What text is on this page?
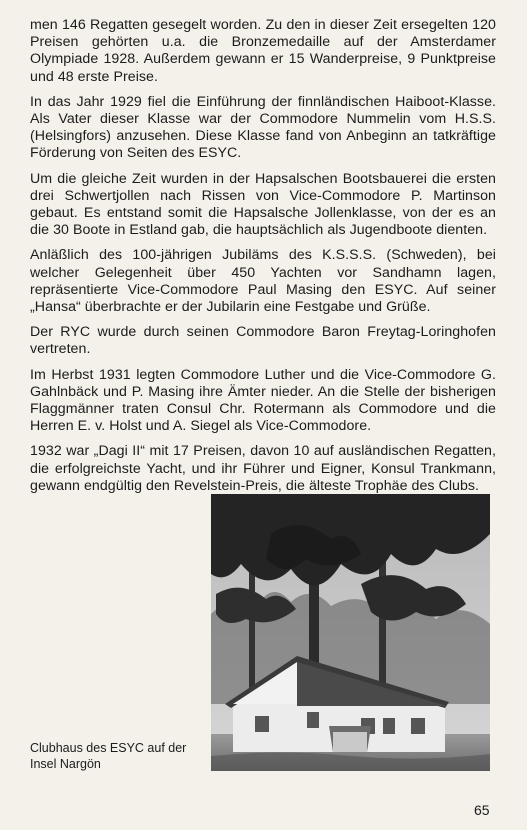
men 146 Regatten gesegelt worden. Zu den in dieser Zeit ersegelten 120 Preisen gehörten u.a. die Bronzemedaille auf der Amsterdamer Olympiade 1928. Außerdem gewann er 15 Wanderpreise, 9 Punktpreise und 48 erste Preise.

In das Jahr 1929 fiel die Einführung der finnländischen Haiboot-Klasse. Als Vater dieser Klasse war der Commodore Nummelin vom H.S.S. (Helsingfors) anzusehen. Diese Klasse fand von Anbeginn an tatkräftige Förderung von Seiten des ESYC.

Um die gleiche Zeit wurden in der Hapsalschen Bootsbauerei die ersten drei Schwertjollen nach Rissen von Vice-Commodore P. Martinson gebaut. Es entstand somit die Hapsalsche Jollenklasse, von der es an die 30 Boote in Estland gab, die hauptsächlich als Jugendboote dienten.

Anläßlich des 100-jährigen Jubiläms des K.S.S.S. (Schweden), bei welcher Gelegenheit über 450 Yachten vor Sandhamn lagen, repräsentierte Vice-Commodore Paul Masing den ESYC. Auf seiner „Hansa“ überbrachte er der Jubilarin eine Festgabe und Grüße.

Der RYC wurde durch seinen Commodore Baron Freytag-Loringhofen vertreten.

Im Herbst 1931 legten Commodore Luther und die Vice-Commodore G. Gahlnbäck und P. Masing ihre Ämter nieder. An die Stelle der bisherigen Flaggmänner traten Consul Chr. Rotermann als Commodore und die Herren E. v. Holst und A. Siegel als Vice-Commodore.

1932 war „Dagi II“ mit 17 Preisen, davon 10 auf ausländischen Regatten, die erfolgreichste Yacht, und ihr Führer und Eigner, Konsul Trankmann, gewann endgültig den Revelstein-Preis, die älteste Trophäe des Clubs.

Clubhaus des ESYC auf der Insel Nargön
65
